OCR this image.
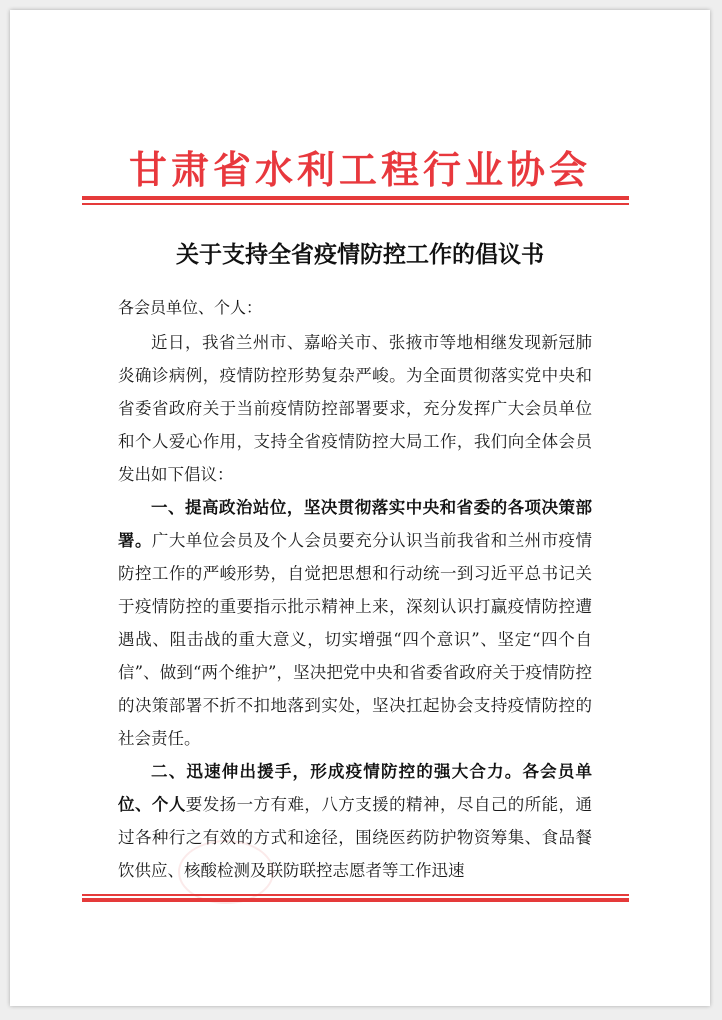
甘肃省水利工程行业协会
关于支持全省疫情防控工作的倡议书
各会员单位、个人：

近日，我省兰州市、嘉峪关市、张掖市等地相继发现新冠肺炎确诊病例，疫情防控形势复杂严峻。为全面贯彻落实党中央和省委省政府关于当前疫情防控部署要求，充分发挥广大会员单位和个人爱心作用，支持全省疫情防控大局工作，我们向全体会员发出如下倡议：

一、提高政治站位，坚决贯彻落实中央和省委的各项决策部署。广大单位会员及个人会员要充分认识当前我省和兰州市疫情防控工作的严峻形势，自觉把思想和行动统一到习近平总书记关于疫情防控的重要指示批示精神上来，深刻认识打赢疫情防控遭遇战、阻击战的重大意义，切实增强“四个意识”、坚定“四个自信”、做到“两个维护”，坚决把党中央和省委省政府关于疫情防控的决策部署不折不扣地落到实处，坚决扛起协会支持疫情防控的社会责任。

二、迅速伸出援手，形成疫情防控的强大合力。各会员单位、个人要发扬一方有难，八方支援的精神，尽自己的所能，通过各种行之有效的方式和途径，围绕医药防护物资筹集、食品餐饮供应、核酸检测及联防联控志愿者等工作迅速
